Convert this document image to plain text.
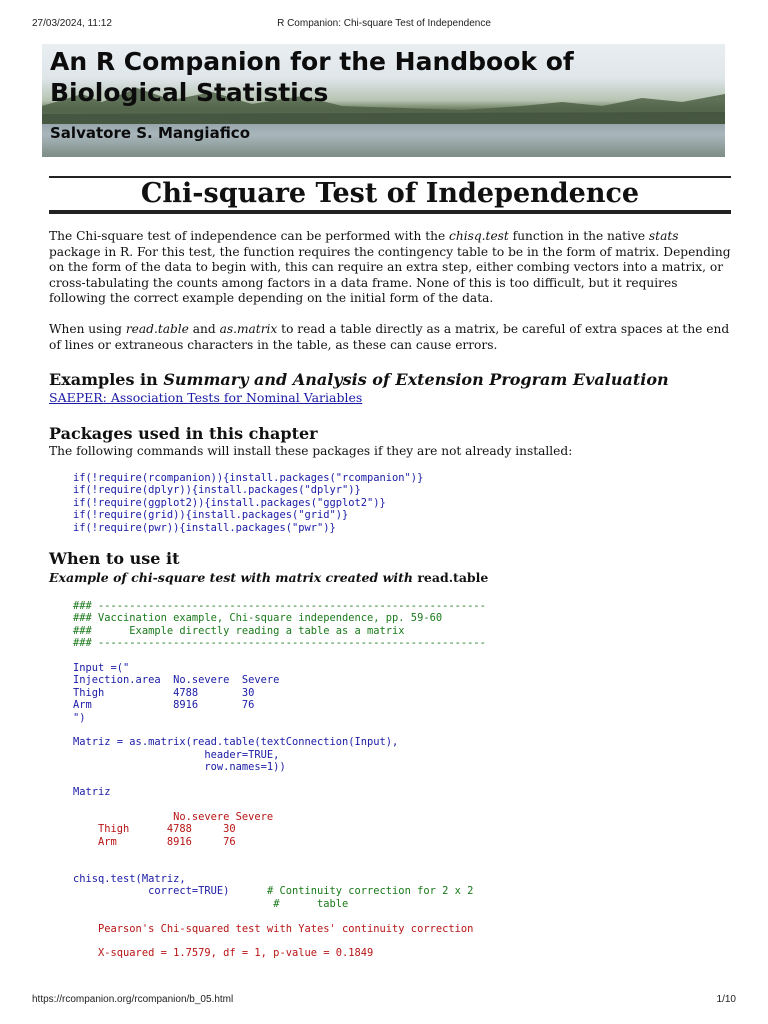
27/03/2024, 11:12	R Companion: Chi-square Test of Independence
An R Companion for the Handbook of Biological Statistics
Salvatore S. Mangiafico
Chi-square Test of Independence

The Chi-square test of independence can be performed with the chisq.test function in the native stats package in R. For this test, the function requires the contingency table to be in the form of matrix. Depending on the form of the data to begin with, this can require an extra step, either combing vectors into a matrix, or cross-tabulating the counts among factors in a data frame. None of this is too difficult, but it requires following the correct example depending on the initial form of the data.

When using read.table and as.matrix to read a table directly as a matrix, be careful of extra spaces at the end of lines or extraneous characters in the table, as these can cause errors.

Examples in Summary and Analysis of Extension Program Evaluation
SAEPER: Association Tests for Nominal Variables
Packages used in this chapter

The following commands will install these packages if they are not already installed:

if(!require(rcompanion)){install.packages("rcompanion")}
if(!require(dplyr)){install.packages("dplyr")}
if(!require(ggplot2)){install.packages("ggplot2")}
if(!require(grid)){install.packages("grid")}
if(!require(pwr)){install.packages("pwr")}
When to use it
Example of chi-square test with matrix created with read.table
### --------------------------------------------------------------
### Vaccination example, Chi-square independence, pp. 59-60
###      Example directly reading a table as a matrix
### --------------------------------------------------------------

Input =("
Injection.area  No.severe  Severe
Thigh           4788       30
Arm             8916       76
")

Matriz = as.matrix(read.table(textConnection(Input),
header=TRUE,
row.names=1))

Matriz

No.severe Severe
Thigh      4788     30
Arm        8916     76

chisq.test(Matriz,
correct=TRUE)      # Continuity correction for 2 x 2
#      table

Pearson's Chi-squared test with Yates' continuity correction

X-squared = 1.7579, df = 1, p-value = 0.1849
https://rcompanion.org/rcompanion/b_05.html	1/10
